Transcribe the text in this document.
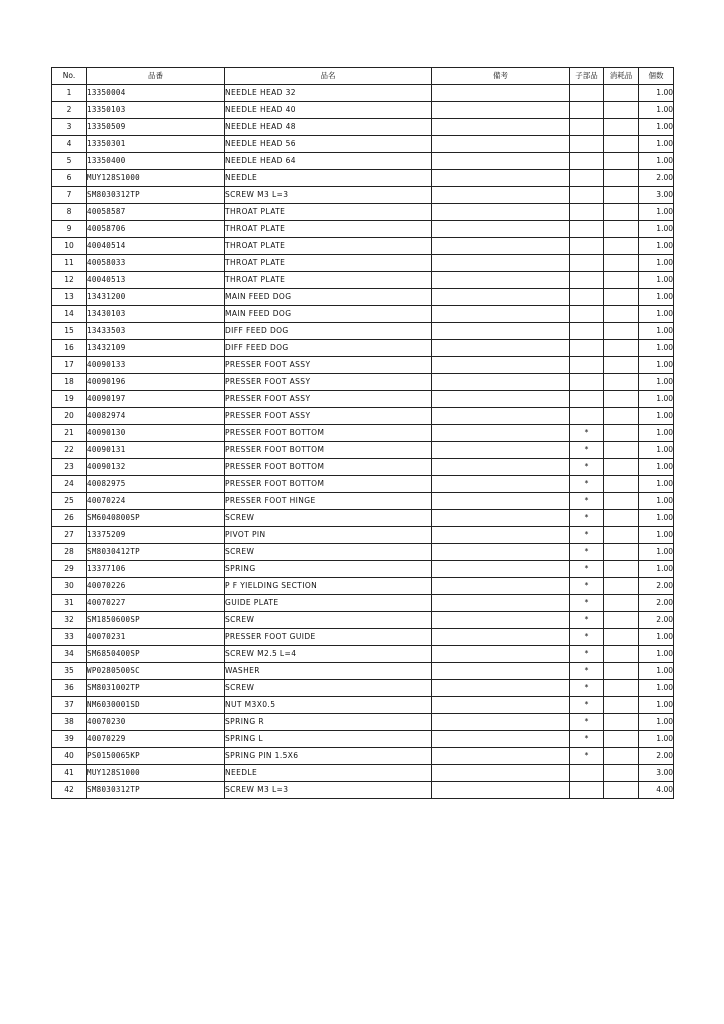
No.	品番	品名	備考	子部品	消耗品	個数
1	13350004	NEEDLE HEAD 32				1.00
2	13350103	NEEDLE HEAD 40				1.00
3	13350509	NEEDLE HEAD 48				1.00
4	13350301	NEEDLE HEAD 56				1.00
5	13350400	NEEDLE HEAD 64				1.00
6	MUY128S1000	NEEDLE				2.00
7	SM8030312TP	SCREW M3 L=3				3.00
8	40058587	THROAT PLATE				1.00
9	40058706	THROAT PLATE				1.00
10	40040514	THROAT PLATE				1.00
11	40058033	THROAT PLATE				1.00
12	40040513	THROAT PLATE				1.00
13	13431200	MAIN FEED DOG				1.00
14	13430103	MAIN FEED DOG				1.00
15	13433503	DIFF FEED DOG				1.00
16	13432109	DIFF FEED DOG				1.00
17	40090133	PRESSER FOOT ASSY				1.00
18	40090196	PRESSER FOOT ASSY				1.00
19	40090197	PRESSER FOOT ASSY				1.00
20	40082974	PRESSER FOOT ASSY				1.00
21	40090130	PRESSER FOOT BOTTOM		*		1.00
22	40090131	PRESSER FOOT BOTTOM		*		1.00
23	40090132	PRESSER FOOT BOTTOM		*		1.00
24	40082975	PRESSER FOOT BOTTOM		*		1.00
25	40070224	PRESSER FOOT HINGE		*		1.00
26	SM6040800SP	SCREW		*		1.00
27	13375209	PIVOT PIN		*		1.00
28	SM8030412TP	SCREW		*		1.00
29	13377106	SPRING		*		1.00
30	40070226	P F YIELDING SECTION		*		2.00
31	40070227	GUIDE PLATE		*		2.00
32	SM1850600SP	SCREW		*		2.00
33	40070231	PRESSER FOOT GUIDE		*		1.00
34	SM6850400SP	SCREW M2.5 L=4		*		1.00
35	WP0280500SC	WASHER		*		1.00
36	SM8031002TP	SCREW		*		1.00
37	NM6030001SD	NUT M3X0.5		*		1.00
38	40070230	SPRING R		*		1.00
39	40070229	SPRING L		*		1.00
40	PS0150065KP	SPRING PIN 1.5X6		*		2.00
41	MUY128S1000	NEEDLE				3.00
42	SM8030312TP	SCREW M3 L=3				4.00
